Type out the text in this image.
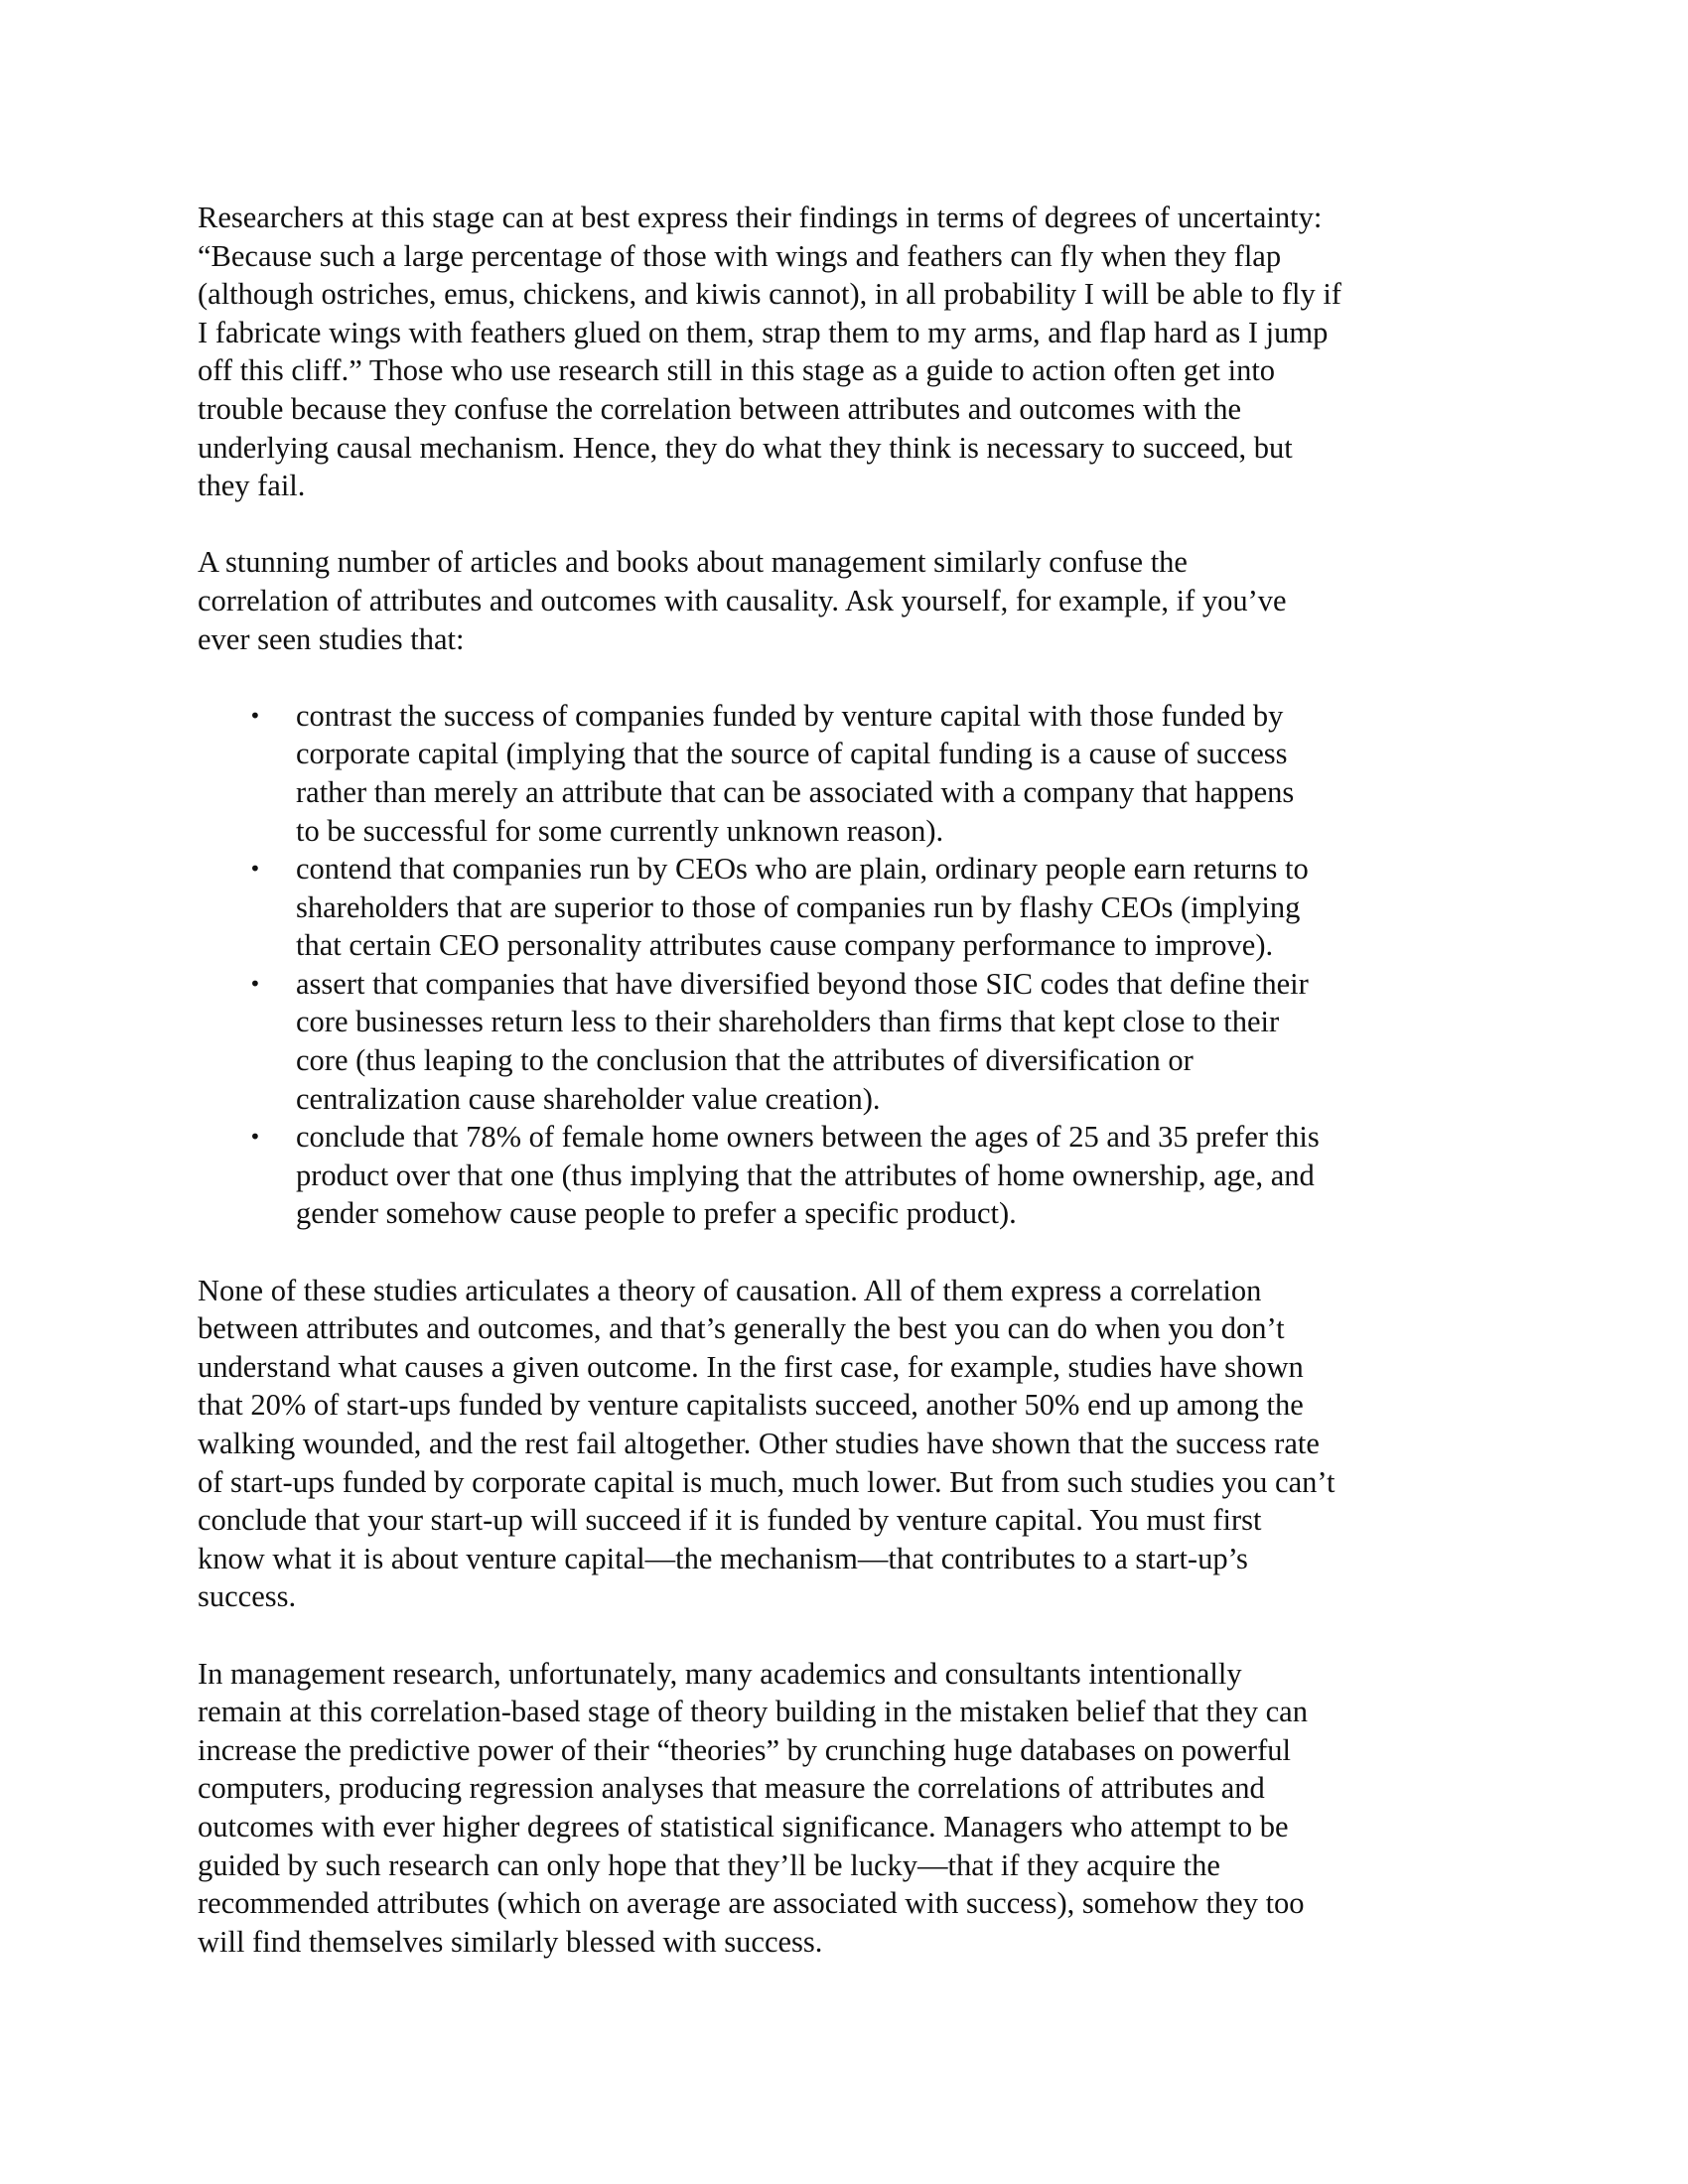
Researchers at this stage can at best express their findings in terms of degrees of uncertainty:
“Because such a large percentage of those with wings and feathers can fly when they flap
(although ostriches, emus, chickens, and kiwis cannot), in all probability I will be able to fly if
I fabricate wings with feathers glued on them, strap them to my arms, and flap hard as I jump
off this cliff.” Those who use research still in this stage as a guide to action often get into
trouble because they confuse the correlation between attributes and outcomes with the
underlying causal mechanism. Hence, they do what they think is necessary to succeed, but
they fail.
A stunning number of articles and books about management similarly confuse the
correlation of attributes and outcomes with causality. Ask yourself, for example, if you’ve
ever seen studies that:
• contrast the success of companies funded by venture capital with those funded by
corporate capital (implying that the source of capital funding is a cause of success
rather than merely an attribute that can be associated with a company that happens
to be successful for some currently unknown reason).
• contend that companies run by CEOs who are plain, ordinary people earn returns to
shareholders that are superior to those of companies run by flashy CEOs (implying
that certain CEO personality attributes cause company performance to improve).
• assert that companies that have diversified beyond those SIC codes that define their
core businesses return less to their shareholders than firms that kept close to their
core (thus leaping to the conclusion that the attributes of diversification or
centralization cause shareholder value creation).
• conclude that 78% of female home owners between the ages of 25 and 35 prefer this
product over that one (thus implying that the attributes of home ownership, age, and
gender somehow cause people to prefer a specific product).
None of these studies articulates a theory of causation. All of them express a correlation
between attributes and outcomes, and that’s generally the best you can do when you don’t
understand what causes a given outcome. In the first case, for example, studies have shown
that 20% of start-ups funded by venture capitalists succeed, another 50% end up among the
walking wounded, and the rest fail altogether. Other studies have shown that the success rate
of start-ups funded by corporate capital is much, much lower. But from such studies you can’t
conclude that your start-up will succeed if it is funded by venture capital. You must first
know what it is about venture capital—the mechanism—that contributes to a start-up’s
success.
In management research, unfortunately, many academics and consultants intentionally
remain at this correlation-based stage of theory building in the mistaken belief that they can
increase the predictive power of their “theories” by crunching huge databases on powerful
computers, producing regression analyses that measure the correlations of attributes and
outcomes with ever higher degrees of statistical significance. Managers who attempt to be
guided by such research can only hope that they’ll be lucky—that if they acquire the
recommended attributes (which on average are associated with success), somehow they too
will find themselves similarly blessed with success.
